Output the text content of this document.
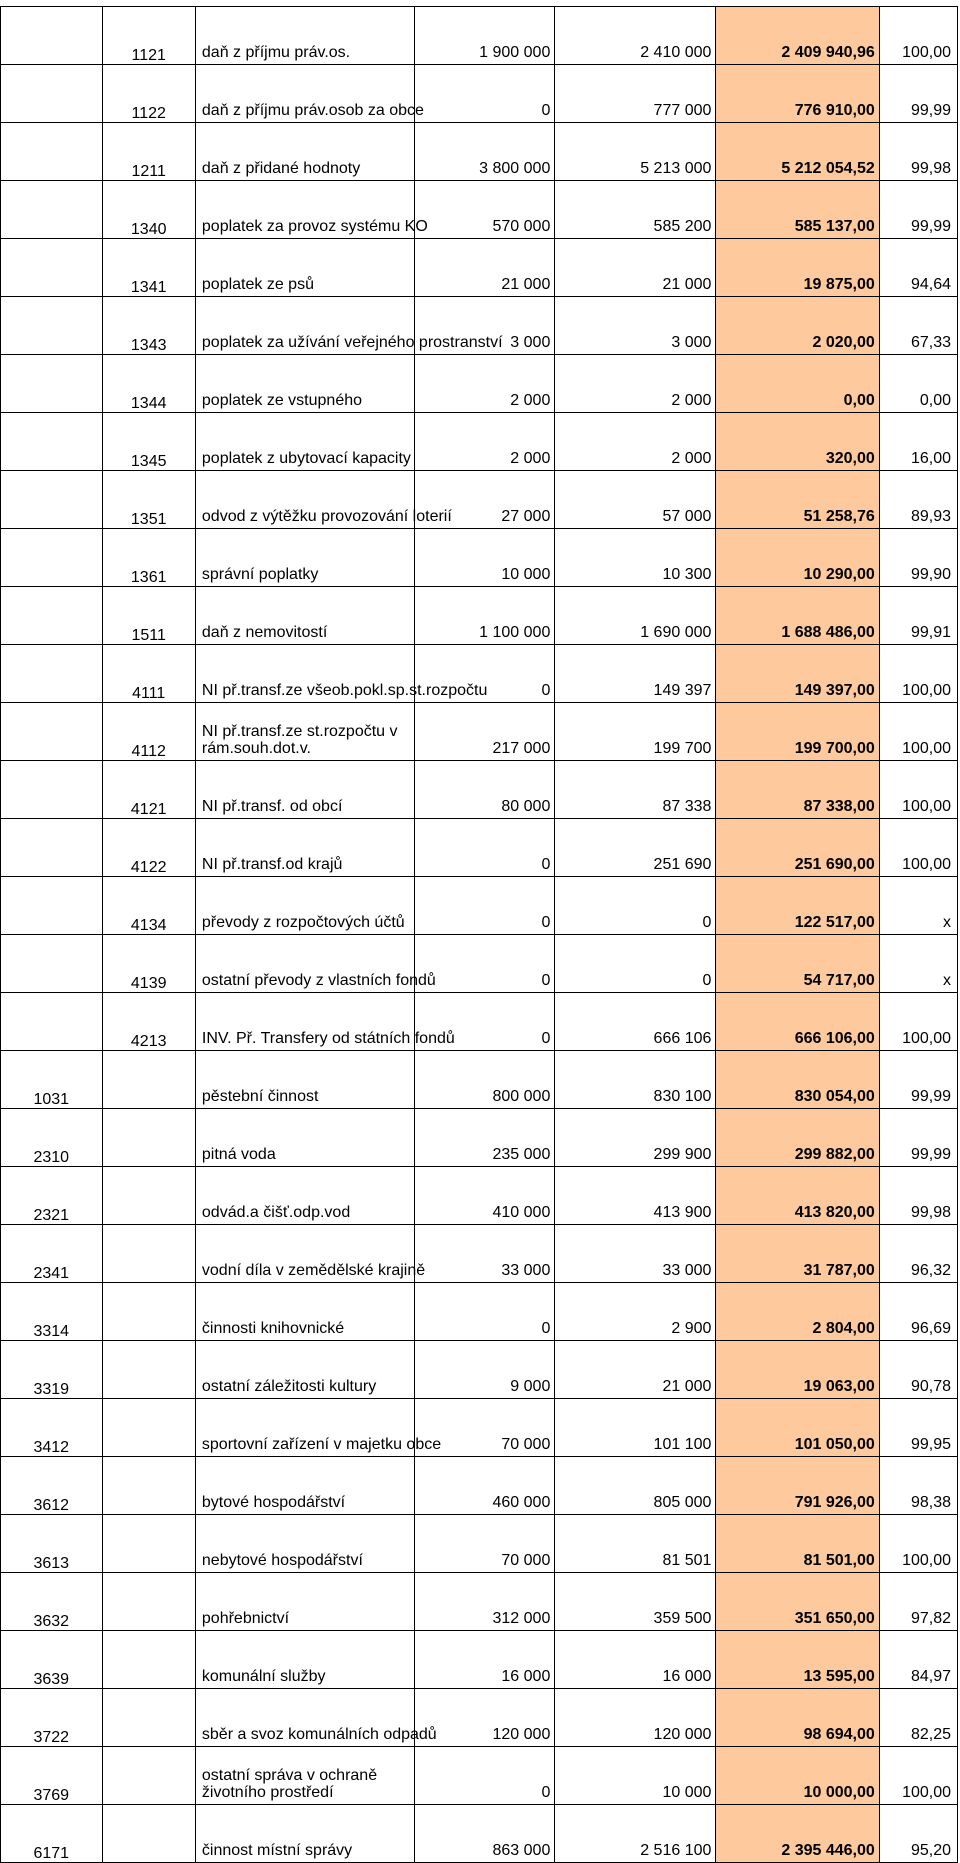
	1121	daň z příjmu práv.os.	1 900 000	2 410 000	2 409 940,96	100,00
	1122	daň z příjmu práv.osob za obce	0	777 000	776 910,00	99,99
	1211	daň z přidané hodnoty	3 800 000	5 213 000	5 212 054,52	99,98
	1340	poplatek za provoz systému KO	570 000	585 200	585 137,00	99,99
	1341	poplatek ze psů	21 000	21 000	19 875,00	94,64
	1343	poplatek za užívání veřejného prostranství	3 000	3 000	2 020,00	67,33
	1344	poplatek ze vstupného	2 000	2 000	0,00	0,00
	1345	poplatek z ubytovací kapacity	2 000	2 000	320,00	16,00
	1351	odvod z výtěžku provozování loterií	27 000	57 000	51 258,76	89,93
	1361	správní poplatky	10 000	10 300	10 290,00	99,90
	1511	daň z nemovitostí	1 100 000	1 690 000	1 688 486,00	99,91
	4111	NI př.transf.ze všeob.pokl.sp.st.rozpočtu	0	149 397	149 397,00	100,00
	4112	NI př.transf.ze st.rozpočtu v rám.souh.dot.v.	217 000	199 700	199 700,00	100,00
	4121	NI př.transf. od obcí	80 000	87 338	87 338,00	100,00
	4122	NI př.transf.od krajů	0	251 690	251 690,00	100,00
	4134	převody z rozpočtových účtů	0	0	122 517,00	x
	4139	ostatní převody z vlastních fondů	0	0	54 717,00	x
	4213	INV. Př. Transfery od státních fondů	0	666 106	666 106,00	100,00
1031		pěstební činnost	800 000	830 100	830 054,00	99,99
2310		pitná voda	235 000	299 900	299 882,00	99,99
2321		odvád.a čišť.odp.vod	410 000	413 900	413 820,00	99,98
2341		vodní díla v zemědělské krajině	33 000	33 000	31 787,00	96,32
3314		činnosti knihovnické	0	2 900	2 804,00	96,69
3319		ostatní záležitosti kultury	9 000	21 000	19 063,00	90,78
3412		sportovní zařízení v majetku obce	70 000	101 100	101 050,00	99,95
3612		bytové hospodářství	460 000	805 000	791 926,00	98,38
3613		nebytové hospodářství	70 000	81 501	81 501,00	100,00
3632		pohřebnictví	312 000	359 500	351 650,00	97,82
3639		komunální služby	16 000	16 000	13 595,00	84,97
3722		sběr a svoz komunálních odpadů	120 000	120 000	98 694,00	82,25
3769		ostatní správa v ochraně životního prostředí	0	10 000	10 000,00	100,00
6171		činnost místní správy	863 000	2 516 100	2 395 446,00	95,20
